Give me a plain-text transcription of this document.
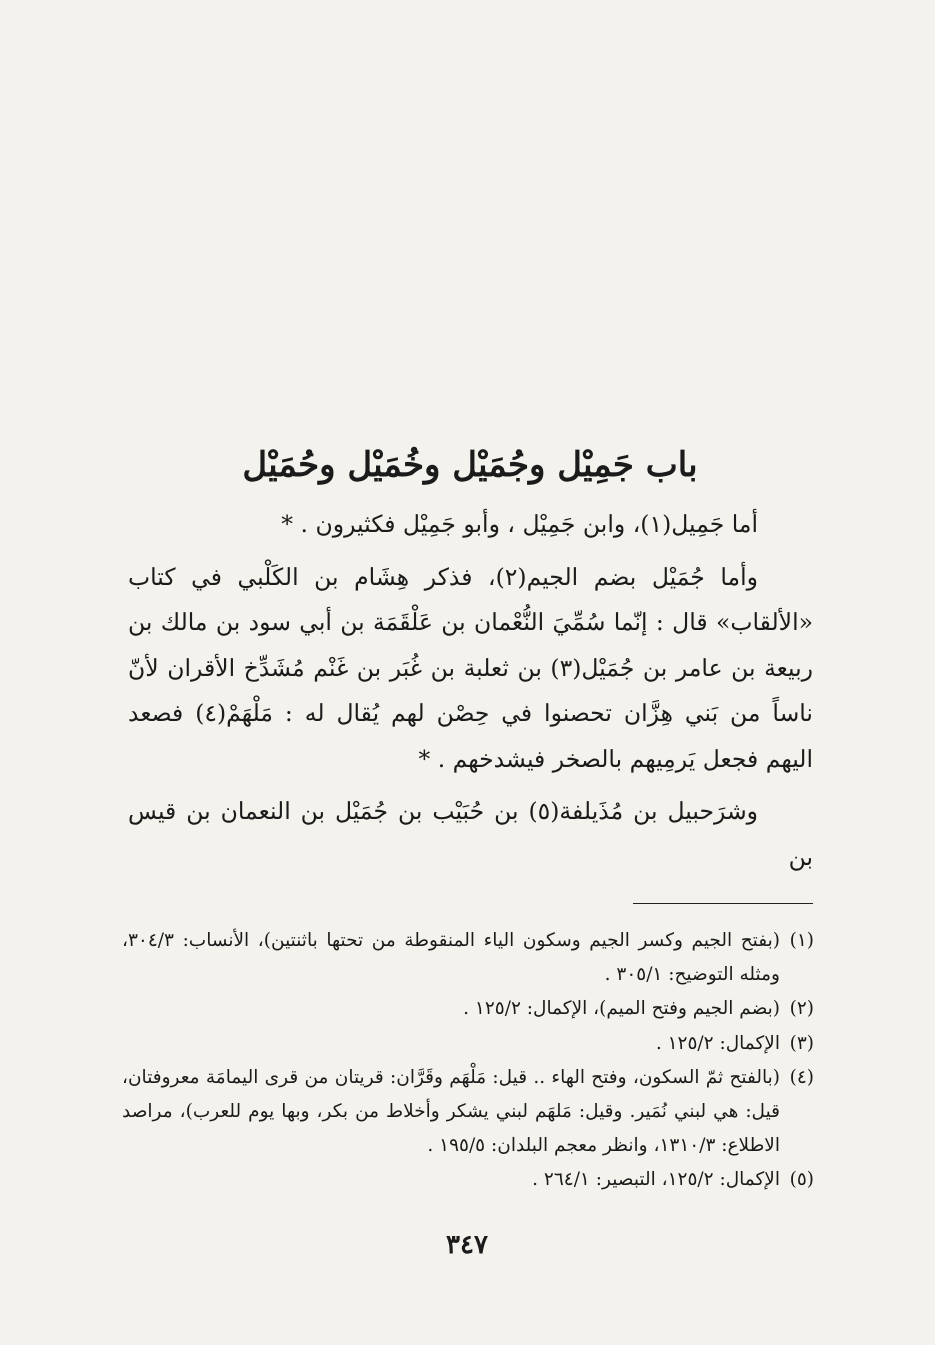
باب جَمِيْل وجُمَيْل وخُمَيْل وحُمَيْل

أما جَمِيل(١)، وابن جَمِيْل ، وأبو جَمِيْل فكثيرون . *

وأما جُمَيْل بضم الجيم(٢)، فذكر هِشَام بن الكَلْبي في كتاب «الألقاب» قال : إنّما سُمِّيَ النُّعْمان بن عَلْقَمَة بن أبي سود بن مالك بن ربيعة بن عامر بن جُمَيْل(٣) بن ثعلبة بن غُبَر بن غَنْم مُشَدِّخ الأقران لأنّ ناساً من بَني هِزَّان تحصنوا في حِصْن لهم يُقال له : مَلْهَمْ(٤) فصعد اليهم فجعل يَرمِيهم بالصخر فيشدخهم . *

وشرَحبيل بن مُذَيلفة(٥) بن حُبَيْب بن جُمَيْل بن النعمان بن قيس بن

(١)
(بفتح الجيم وكسر الجيم وسكون الياء المنقوطة من تحتها باثنتين)، الأنساب: ٣٠٤/٣، ومثله التوضيح: ٣٠٥/١ .
(٢)
(بضم الجيم وفتح الميم)، الإكمال: ١٢٥/٢ .
(٣)
الإكمال: ١٢٥/٢ .
(٤)
(بالفتح ثمّ السكون، وفتح الهاء .. قيل: مَلْهَم وقَرَّان: قريتان من قرى اليمامَة معروفتان، قيل: هي لبني نُمَير. وقيل: مَلهَم لبني يشكر وأخلاط من بكر، وبها يوم للعرب)، مراصد الاطلاع: ١٣١٠/٣، وانظر معجم البلدان: ١٩٥/٥ .
(٥)
الإكمال: ١٢٥/٢، التبصير: ٢٦٤/١ .
٣٤٧
